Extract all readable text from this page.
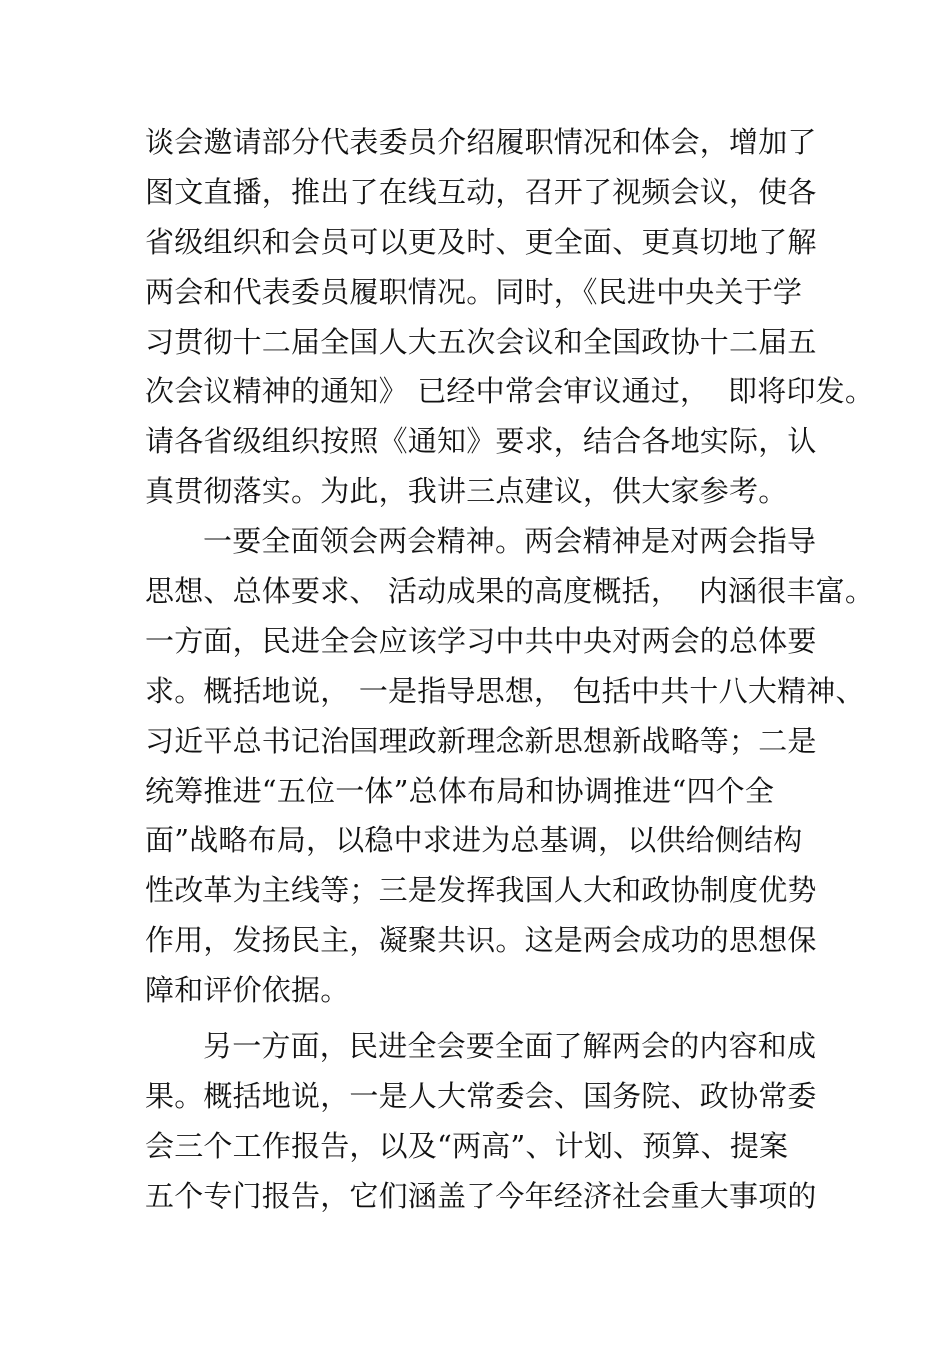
谈会邀请部分代表委员介绍履职情况和体会，增加了
图文直播，推出了在线互动，召开了视频会议，使各
省级组织和会员可以更及时、更全面、更真切地了解
两会和代表委员履职情况。同时，《民进中央关于学
习贯彻十二届全国人大五次会议和全国政协十二届五
次会议精神的通知》 已经中常会审议通过，  即将印发。
请各省级组织按照《通知》要求，结合各地实际，认
真贯彻落实。为此，我讲三点建议，供大家参考。
一要全面领会两会精神。两会精神是对两会指导
思想、总体要求、 活动成果的高度概括，  内涵很丰富。
一方面，民进全会应该学习中共中央对两会的总体要
求。概括地说， 一是指导思想， 包括中共十八大精神、
习近平总书记治国理政新理念新思想新战略等；二是
统筹推进“五位一体”总体布局和协调推进“四个全
面”战略布局，以稳中求进为总基调，以供给侧结构
性改革为主线等；三是发挥我国人大和政协制度优势
作用，发扬民主，凝聚共识。这是两会成功的思想保
障和评价依据。
另一方面，民进全会要全面了解两会的内容和成
果。概括地说，一是人大常委会、国务院、政协常委
会三个工作报告，以及“两高”、计划、预算、提案
五个专门报告，它们涵盖了今年经济社会重大事项的
